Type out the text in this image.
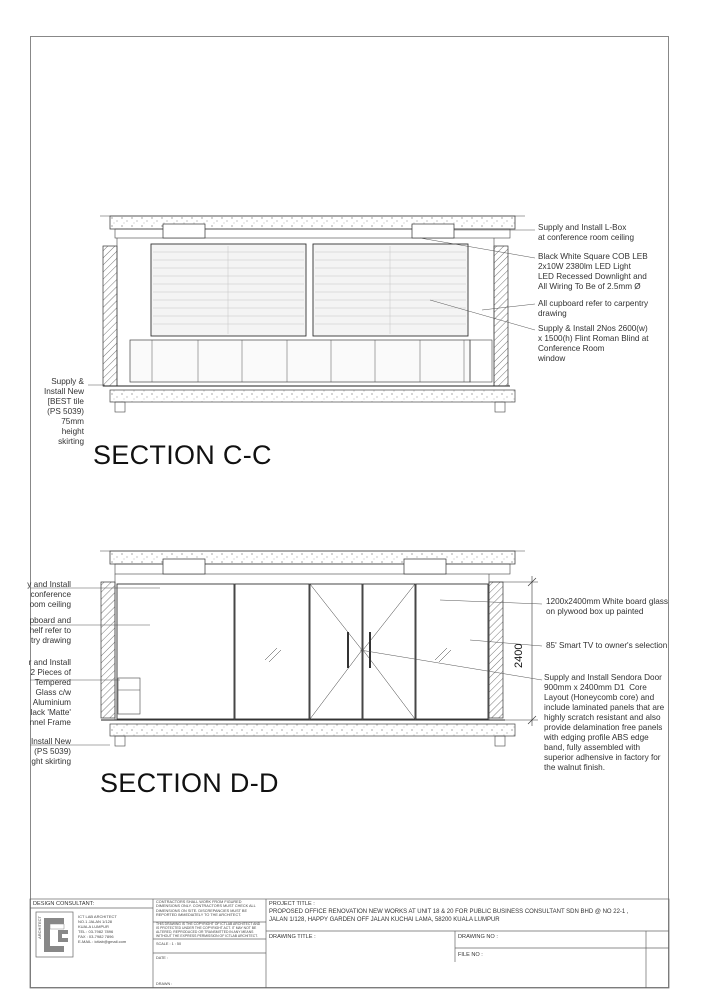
Supply and Install L-Box
at conference room ceiling
Black White Square COB LEB
2x10W 2380lm LED Light
LED Recessed Downlight and
All Wiring To Be of 2.5mm Ø
All cupboard refer to carpentry
drawing
Supply & Install 2Nos 2600(w)
x 1500(h) Flint Roman Blind at
Conference Room
window
Supply &
Install New
[BEST tile
(PS 5039)
75mm
height
skirting SECTION C-C
1200x2400mm White board glass
on plywood box up painted
85' Smart TV to owner's selection
Supply and Install Sendora Door
900mm x 2400mm D1  Core
Layout (Honeycomb core) and
include laminated panels that are
highly scratch resistant and also
provide delamination free panels
with edging profile ABS edge
band, fully assembled with
superior adhensive in factory for
the walnut finish.
y and Install
conference
oom ceiling
pboard and
helf refer to
try drawing
r and Install
2 Pieces of
Tempered
Glass c/w
Aluminium
lack 'Matte'
nnel Frame
Install New
(PS 5039)
ght skirting
2400
SECTION D-D
DESIGN CONSULTANT:
ARCHITECT	ICT LAB ARCHITECT
NO.1 JALAN 1/128
KUALA LUMPUR
TEL : 03-7982 7896
FAX : 03-7982 7896
E-MAIL : ictlab@gmail.com
CONTRACTORS SHALL WORK FROM FIGURED DIMENSIONS ONLY. CONTRACTORS MUST CHECK ALL DIMENSIONS ON SITE. DISCREPANCIES MUST BE REPORTED IMMEDIATELY TO THE ARCHITECT.
THIS DRAWING IS THE COPYRIGHT OF ICTLAB ARCHITECT AND IS PROTECTED UNDER THE COPYRIGHT ACT. IT MAY NOT BE ALTERED, REPRODUCED OR TRANSMITTED IN ANY MEANS WITHOUT THE EXPRESS PERMISSION OF ICTLAB ARCHITECT.
SCALE : 1 : 50
DATE :
DRAWN :
PROJECT TITLE :
PROPOSED OFFICE RENOVATION NEW WORKS AT UNIT 18 & 20 FOR PUBLIC BUSINESS CONSULTANT SDN BHD @ NO 22-1 , JALAN 1/128, HAPPY GARDEN OFF JALAN KUCHAI LAMA, 58200 KUALA LUMPUR
DRAWING TITLE :	DRAWING NO :
FILE NO :
